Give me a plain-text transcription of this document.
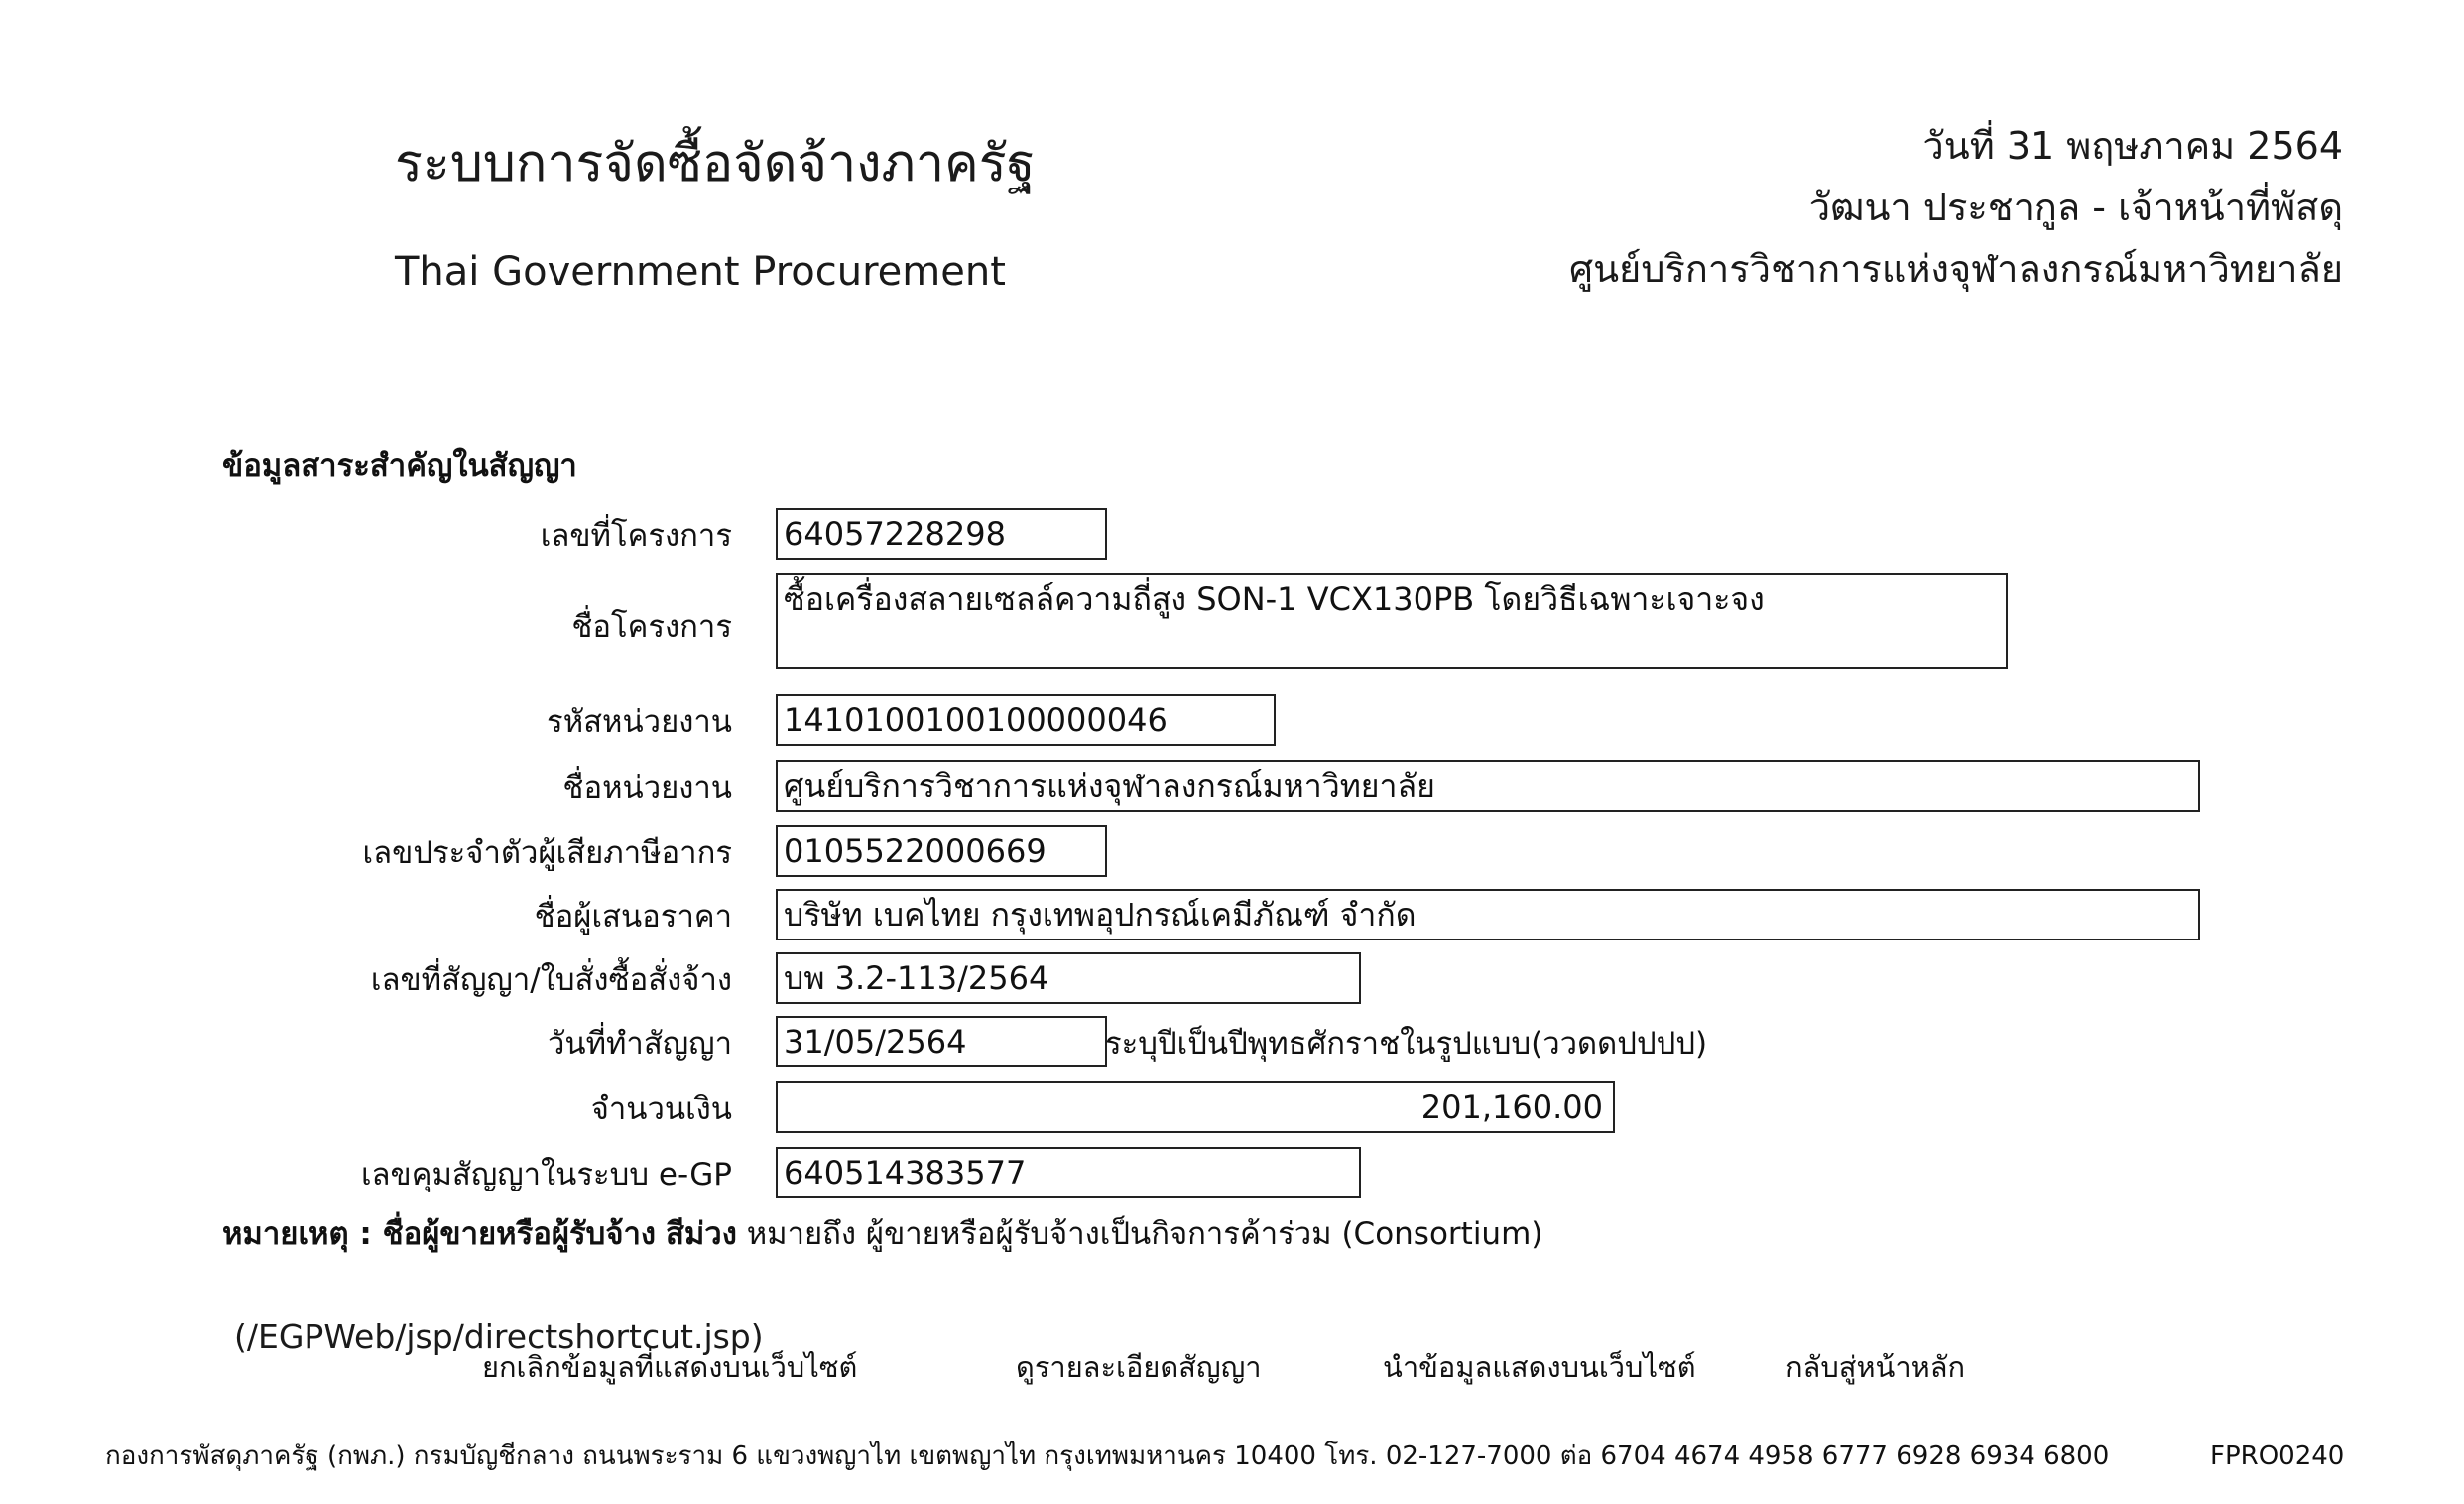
ระบบการจัดซื้อจัดจ้างภาครัฐ
Thai Government Procurement
วันที่ 31 พฤษภาคม 2564
วัฒนา ประชากูล - เจ้าหน้าที่พัสดุ
ศูนย์บริการวิชาการแห่งจุฬาลงกรณ์มหาวิทยาลัย
ข้อมูลสาระสำคัญในสัญญา
เลขที่โครงการ 64057228298
ชื่อโครงการ
ซื้อเครื่องสลายเซลล์ความถี่สูง SON-1 VCX130PB โดยวิธีเฉพาะเจาะจง
รหัสหน่วยงาน 1410100100100000046
ชื่อหน่วยงาน ศูนย์บริการวิชาการแห่งจุฬาลงกรณ์มหาวิทยาลัย
เลขประจำตัวผู้เสียภาษีอากร 0105522000669
ชื่อผู้เสนอราคา บริษัท เบคไทย กรุงเทพอุปกรณ์เคมีภัณฑ์ จำกัด
เลขที่สัญญา/ใบสั่งซื้อสั่งจ้าง บพ 3.2-113/2564
วันที่ทำสัญญา 31/05/2564	ระบุปีเป็นปีพุทธศักราชในรูปแบบ(ววดดปปปป)
จำนวนเงิน	201,160.00
เลขคุมสัญญาในระบบ e-GP 640514383577
หมายเหตุ : ชื่อผู้ขายหรือผู้รับจ้าง สีม่วง หมายถึง ผู้ขายหรือผู้รับจ้างเป็นกิจการค้าร่วม (Consortium)
(/EGPWeb/jsp/directshortcut.jsp)
ยกเลิกข้อมูลที่แสดงบนเว็บไซต์	ดูรายละเอียดสัญญา	นำข้อมูลแสดงบนเว็บไซต์	กลับสู่หน้าหลัก
กองการพัสดุภาครัฐ (กพภ.) กรมบัญชีกลาง ถนนพระราม 6 แขวงพญาไท เขตพญาไท กรุงเทพมหานคร 10400 โทร. 02-127-7000 ต่อ 6704 4674 4958 6777 6928 6934 6800	FPRO0240
